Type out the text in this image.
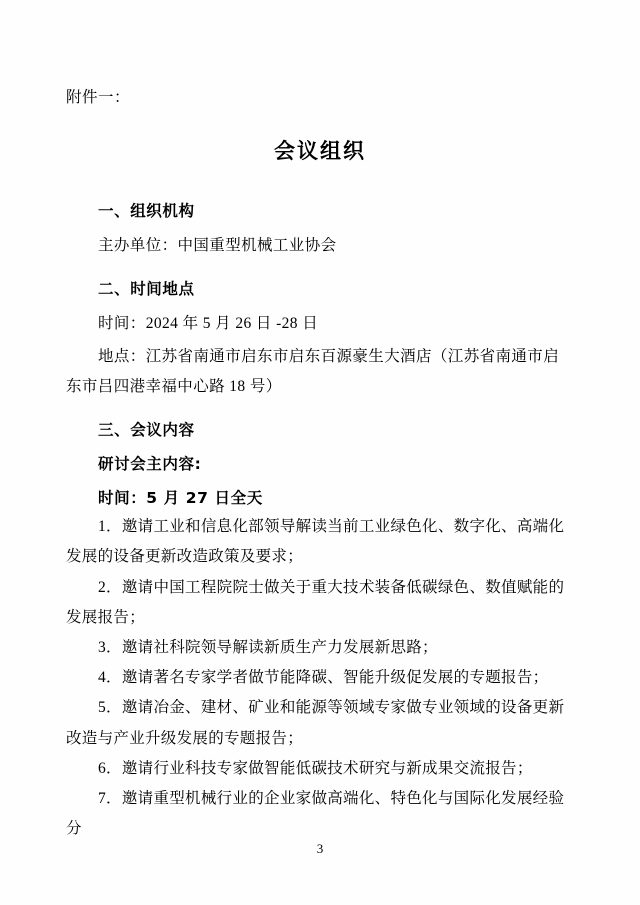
附件一：
会议组织
一、组织机构

主办单位：中国重型机械工业协会

二、时间地点

时间：2024 年 5 月 26 日 -28 日

地点：江苏省南通市启东市启东百源豪生大酒店（江苏省南通市启东市吕四港幸福中心路 18 号）

三、会议内容
研讨会主内容:
时间：5 月 27 日全天
1．邀请工业和信息化部领导解读当前工业绿色化、数字化、高端化发展的设备更新改造政策及要求；
2．邀请中国工程院院士做关于重大技术装备低碳绿色、数值赋能的发展报告；
3．邀请社科院领导解读新质生产力发展新思路；
4．邀请著名专家学者做节能降碳、智能升级促发展的专题报告；
5．邀请冶金、建材、矿业和能源等领域专家做专业领域的设备更新改造与产业升级发展的专题报告；
6．邀请行业科技专家做智能低碳技术研究与新成果交流报告；
7．邀请重型机械行业的企业家做高端化、特色化与国际化发展经验分
3
